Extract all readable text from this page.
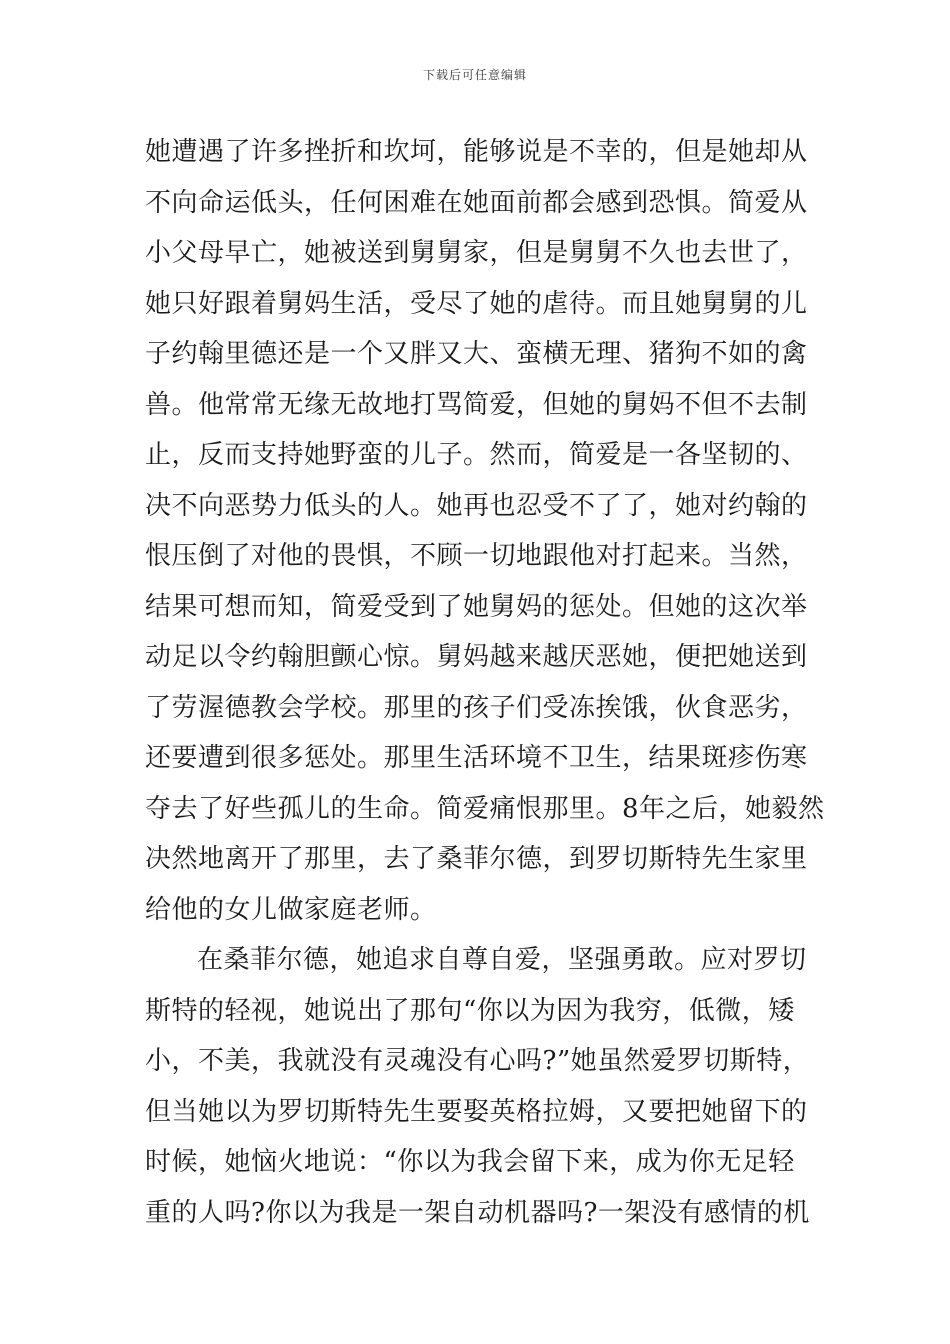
下载后可任意编辑
她遭遇了许多挫折和坎坷，能够说是不幸的，但是她却从
不向命运低头，任何困难在她面前都会感到恐惧。简爱从
小父母早亡，她被送到舅舅家，但是舅舅不久也去世了，
她只好跟着舅妈生活，受尽了她的虐待。而且她舅舅的儿
子约翰里德还是一个又胖又大、蛮横无理、猪狗不如的禽
兽。他常常无缘无故地打骂简爱，但她的舅妈不但不去制
止，反而支持她野蛮的儿子。然而，简爱是一各坚韧的、
决不向恶势力低头的人。她再也忍受不了了，她对约翰的
恨压倒了对他的畏惧，不顾一切地跟他对打起来。当然，
结果可想而知，简爱受到了她舅妈的惩处。但她的这次举
动足以令约翰胆颤心惊。舅妈越来越厌恶她，便把她送到
了劳渥德教会学校。那里的孩子们受冻挨饿，伙食恶劣，
还要遭到很多惩处。那里生活环境不卫生，结果斑疹伤寒
夺去了好些孤儿的生命。简爱痛恨那里。8年之后，她毅然
决然地离开了那里，去了桑菲尔德，到罗切斯特先生家里
给他的女儿做家庭老师。
在桑菲尔德，她追求自尊自爱，坚强勇敢。应对罗切
斯特的轻视，她说出了那句“你以为因为我穷，低微，矮
小，不美，我就没有灵魂没有心吗?”她虽然爱罗切斯特，
但当她以为罗切斯特先生要娶英格拉姆，又要把她留下的
时候，她恼火地说：“你以为我会留下来，成为你无足轻
重的人吗?你以为我是一架自动机器吗?一架没有感情的机
